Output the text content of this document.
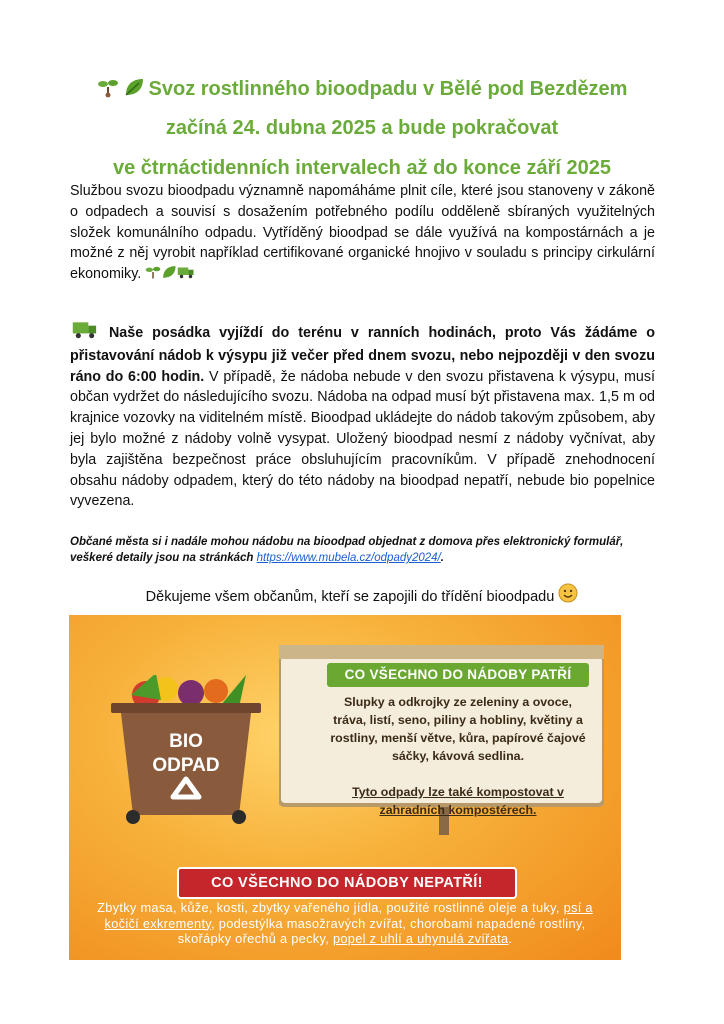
Svoz rostlinného bioodpadu v Bělé pod Bezdězem
začíná 24. dubna 2025 a bude pokračovat
ve čtrnáctidenních intervalech až do konce září 2025
Službou svozu bioodpadu významně napomáháme plnit cíle, které jsou stanoveny v zákoně o odpadech a souvisí s dosažením potřebného podílu odděleně sbíraných využitelných složek komunálního odpadu. Vytříděný bioodpad se dále využívá na kompostárnách a je možné z něj vyrobit například certifikované organické hnojivo v souladu s principy cirkulární ekonomiky.
Naše posádka vyjíždí do terénu v ranních hodinách, proto Vás žádáme o přistavování nádob k výsypu již večer před dnem svozu, nebo nejpozději v den svozu ráno do 6:00 hodin. V případě, že nádoba nebude v den svozu přistavena k výsypu, musí občan vydržet do následujícího svozu. Nádoba na odpad musí být přistavena max. 1,5 m od krajnice vozovky na viditelném místě. Bioodpad ukládejte do nádob takovým způsobem, aby jej bylo možné z nádoby volně vysypat. Uložený bioodpad nesmí z nádoby vyčnívat, aby byla zajištěna bezpečnost práce obsluhujícím pracovníkům. V případě znehodnocení obsahu nádoby odpadem, který do této nádoby na bioodpad nepatří, nebude bio popelnice vyvezena.
Občané města si i nadále mohou nádobu na bioodpad objednat z domova přes elektronický formulář, veškeré detaily jsou na stránkách https://www.mubela.cz/odpady2024/.
Děkujeme všem občanům, kteří se zapojili do třídění bioodpadu
BIO
ODPAD
CO VŠECHNO DO NÁDOBY PATŘÍ
Slupky a odkrojky ze zeleniny a ovoce, tráva, listí, seno, piliny a hobliny, květiny a rostliny, menší větve, kůra, papírové čajové sáčky, kávová sedlina.
Tyto odpady lze také kompostovat v zahradních kompostérech.
CO VŠECHNO DO NÁDOBY NEPATŘÍ!
Zbytky masa, kůže, kosti, zbytky vařeného jídla, použité rostlinné oleje a tuky, psí a kočičí exkrementy, podestýlka masožravých zvířat, chorobami napadené rostliny, skořápky ořechů a pecky, popel z uhlí a uhynulá zvířata.
